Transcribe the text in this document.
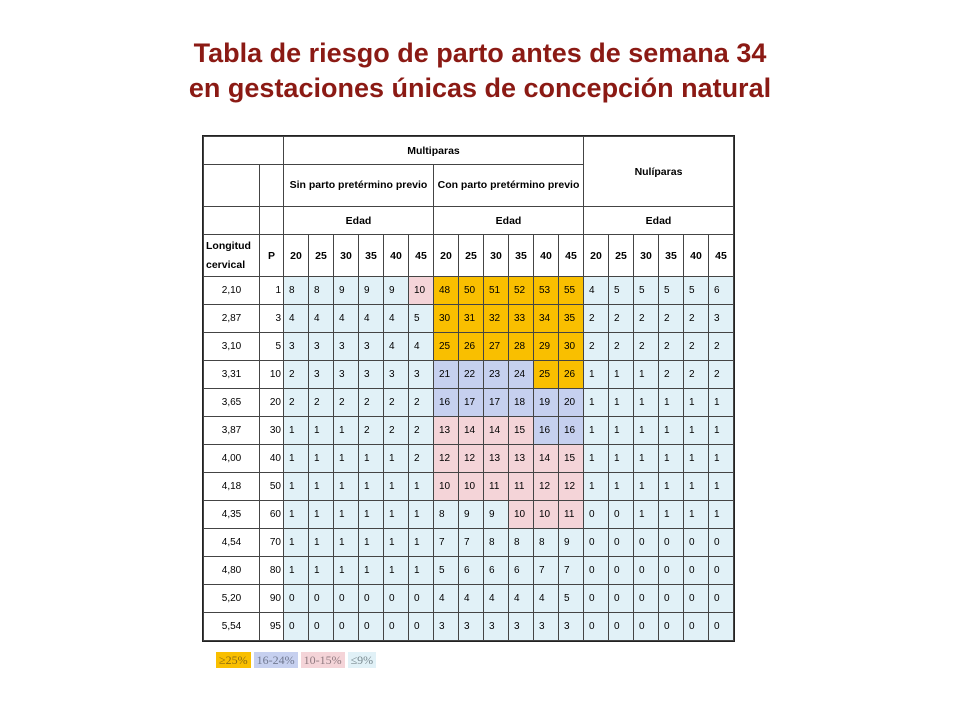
Tabla de riesgo de parto antes de semana 34
en gestaciones únicas de concepción natural
		Multiparas												Nulíparas					
		Sin parto pretérmino previo						Con parto pretérmino previo											
		Edad						Edad						Edad					
Longitud cervical	P	20	25	30	35	40	45	20	25	30	35	40	45	20	25	30	35	40	45
2,10	1	8	8	9	9	9	10	48	50	51	52	53	55	4	5	5	5	5	6
2,87	3	4	4	4	4	4	5	30	31	32	33	34	35	2	2	2	2	2	3
3,10	5	3	3	3	3	4	4	25	26	27	28	29	30	2	2	2	2	2	2
3,31	10	2	3	3	3	3	3	21	22	23	24	25	26	1	1	1	2	2	2
3,65	20	2	2	2	2	2	2	16	17	17	18	19	20	1	1	1	1	1	1
3,87	30	1	1	1	2	2	2	13	14	14	15	16	16	1	1	1	1	1	1
4,00	40	1	1	1	1	1	2	12	12	13	13	14	15	1	1	1	1	1	1
4,18	50	1	1	1	1	1	1	10	10	11	11	12	12	1	1	1	1	1	1
4,35	60	1	1	1	1	1	1	8	9	9	10	10	11	0	0	1	1	1	1
4,54	70	1	1	1	1	1	1	7	7	8	8	8	9	0	0	0	0	0	0
4,80	80	1	1	1	1	1	1	5	6	6	6	7	7	0	0	0	0	0	0
5,20	90	0	0	0	0	0	0	4	4	4	4	4	5	0	0	0	0	0	0
5,54	95	0	0	0	0	0	0	3	3	3	3	3	3	0	0	0	0	0	0
≥25% 16-24% 10-15% ≤9%
